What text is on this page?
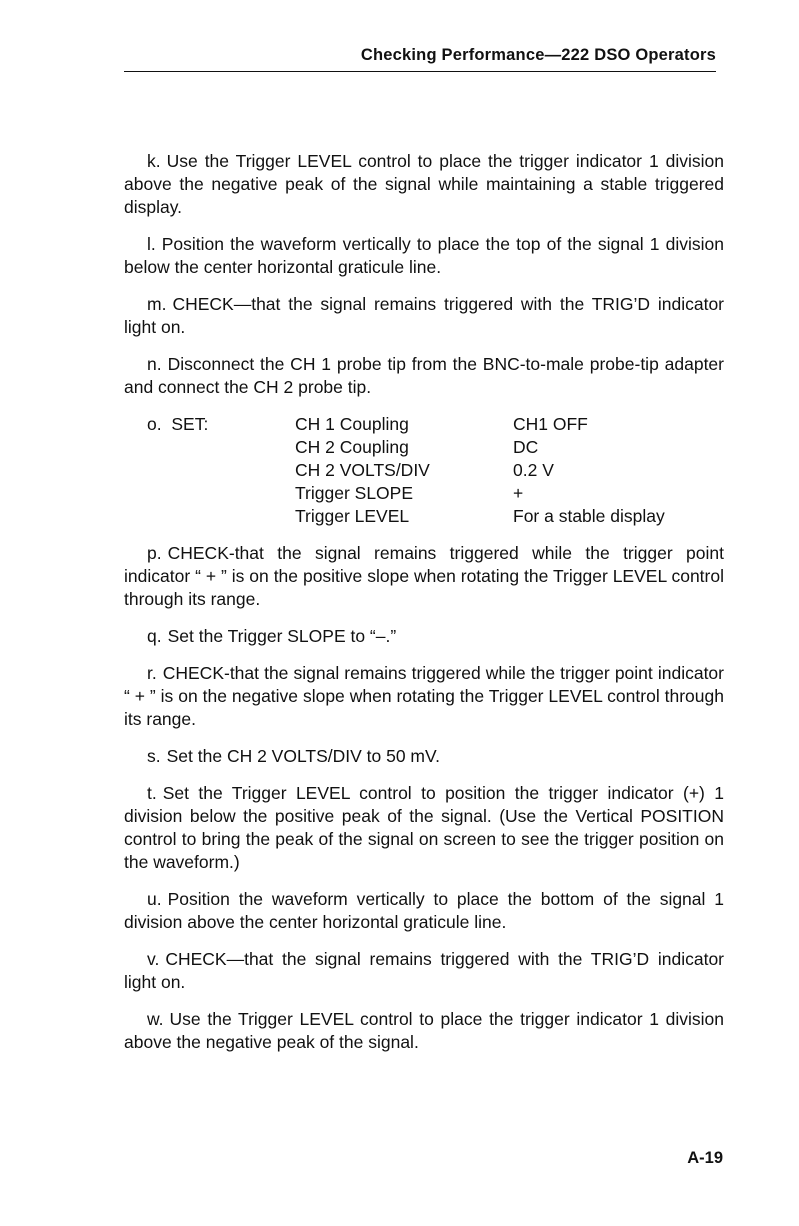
Checking Performance—222 DSO Operators

k. Use the Trigger LEVEL control to place the trigger indicator 1 division above the negative peak of the signal while maintaining a stable triggered display.

l. Position the waveform vertically to place the top of the signal 1 division below the center horizontal graticule line.

m. CHECK—that the signal remains triggered with the TRIG’D indicator light on.

n. Disconnect the CH 1 probe tip from the BNC-to-male probe-tip adapter and connect the CH 2 probe tip.

o. SET:	CH 1 Coupling	CH1 OFF
CH 2 Coupling	DC
CH 2 VOLTS/DIV	0.2 V
Trigger SLOPE	+
Trigger LEVEL	For a stable display

p. CHECK-that the signal remains triggered while the trigger point indicator “ + ” is on the positive slope when rotating the Trigger LEVEL control through its range.

q. Set the Trigger SLOPE to “–.”

r. CHECK-that the signal remains triggered while the trigger point indicator “ + ” is on the negative slope when rotating the Trigger LEVEL control through its range.

s. Set the CH 2 VOLTS/DIV to 50 mV.

t. Set the Trigger LEVEL control to position the trigger indicator (+) 1 division below the positive peak of the signal. (Use the Vertical POSITION control to bring the peak of the signal on screen to see the trigger position on the waveform.)

u. Position the waveform vertically to place the bottom of the signal 1 division above the center horizontal graticule line.

v. CHECK—that the signal remains triggered with the TRIG’D indicator light on.

w. Use the Trigger LEVEL control to place the trigger indicator 1 division above the negative peak of the signal.

A-19
